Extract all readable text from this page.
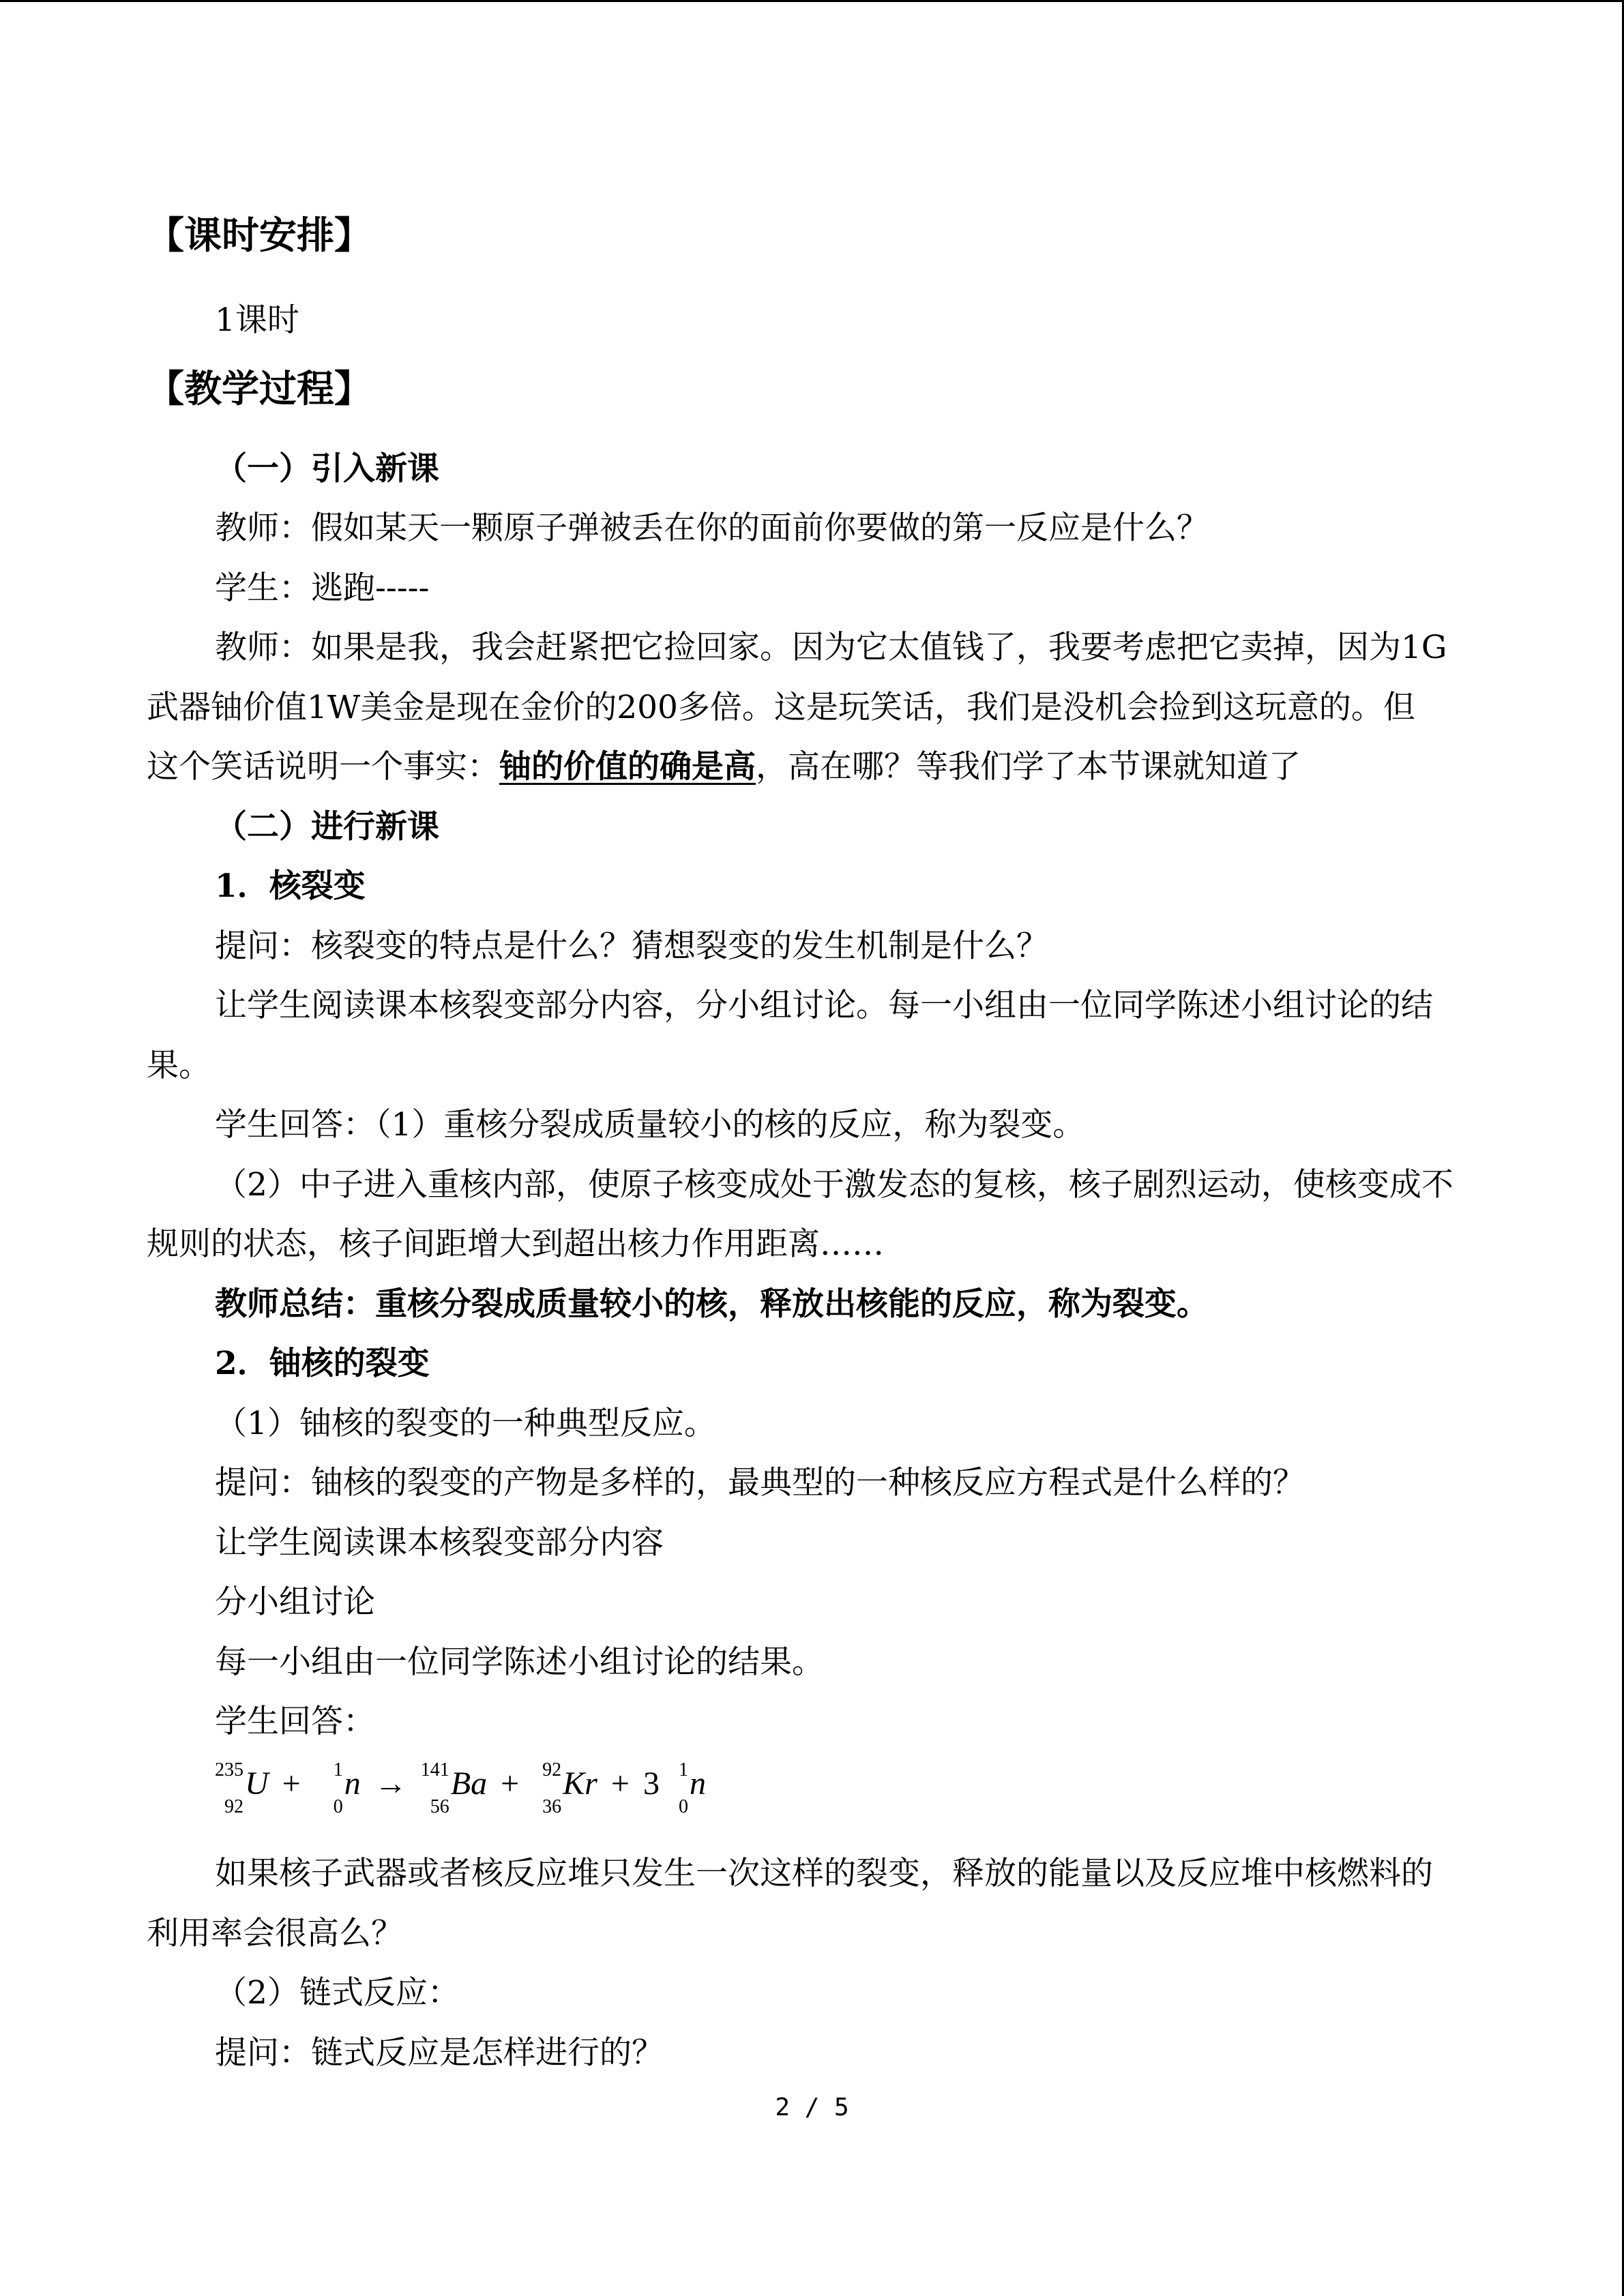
【课时安排】
1课时
【教学过程】
（一）引入新课
教师：假如某天一颗原子弹被丢在你的面前你要做的第一反应是什么？
学生：逃跑-----
教师：如果是我，我会赶紧把它捡回家。因为它太值钱了，我要考虑把它卖掉，因为1G
武器铀价值1W美金是现在金价的200多倍。这是玩笑话，我们是没机会捡到这玩意的。但
这个笑话说明一个事实：铀的价值的确是高，高在哪？等我们学了本节课就知道了
（二）进行新课
1．核裂变
提问：核裂变的特点是什么？猜想裂变的发生机制是什么？
让学生阅读课本核裂变部分内容，分小组讨论。每一小组由一位同学陈述小组讨论的结
果。
学生回答：（1）重核分裂成质量较小的核的反应，称为裂变。
（2）中子进入重核内部，使原子核变成处于激发态的复核，核子剧烈运动，使核变成不
规则的状态，核子间距增大到超出核力作用距离……
教师总结：重核分裂成质量较小的核，释放出核能的反应，称为裂变。
2．铀核的裂变
（1）铀核的裂变的一种典型反应。
提问：铀核的裂变的产物是多样的，最典型的一种核反应方程式是什么样的？
让学生阅读课本核裂变部分内容
分小组讨论
每一小组由一位同学陈述小组讨论的结果。
学生回答：
235
92
U + 1
0
n → 141
56
Ba + 92
36
Kr + 3 1
0
n
如果核子武器或者核反应堆只发生一次这样的裂变，释放的能量以及反应堆中核燃料的
利用率会很高么？
（2）链式反应：
提问：链式反应是怎样进行的？
2 / 5
